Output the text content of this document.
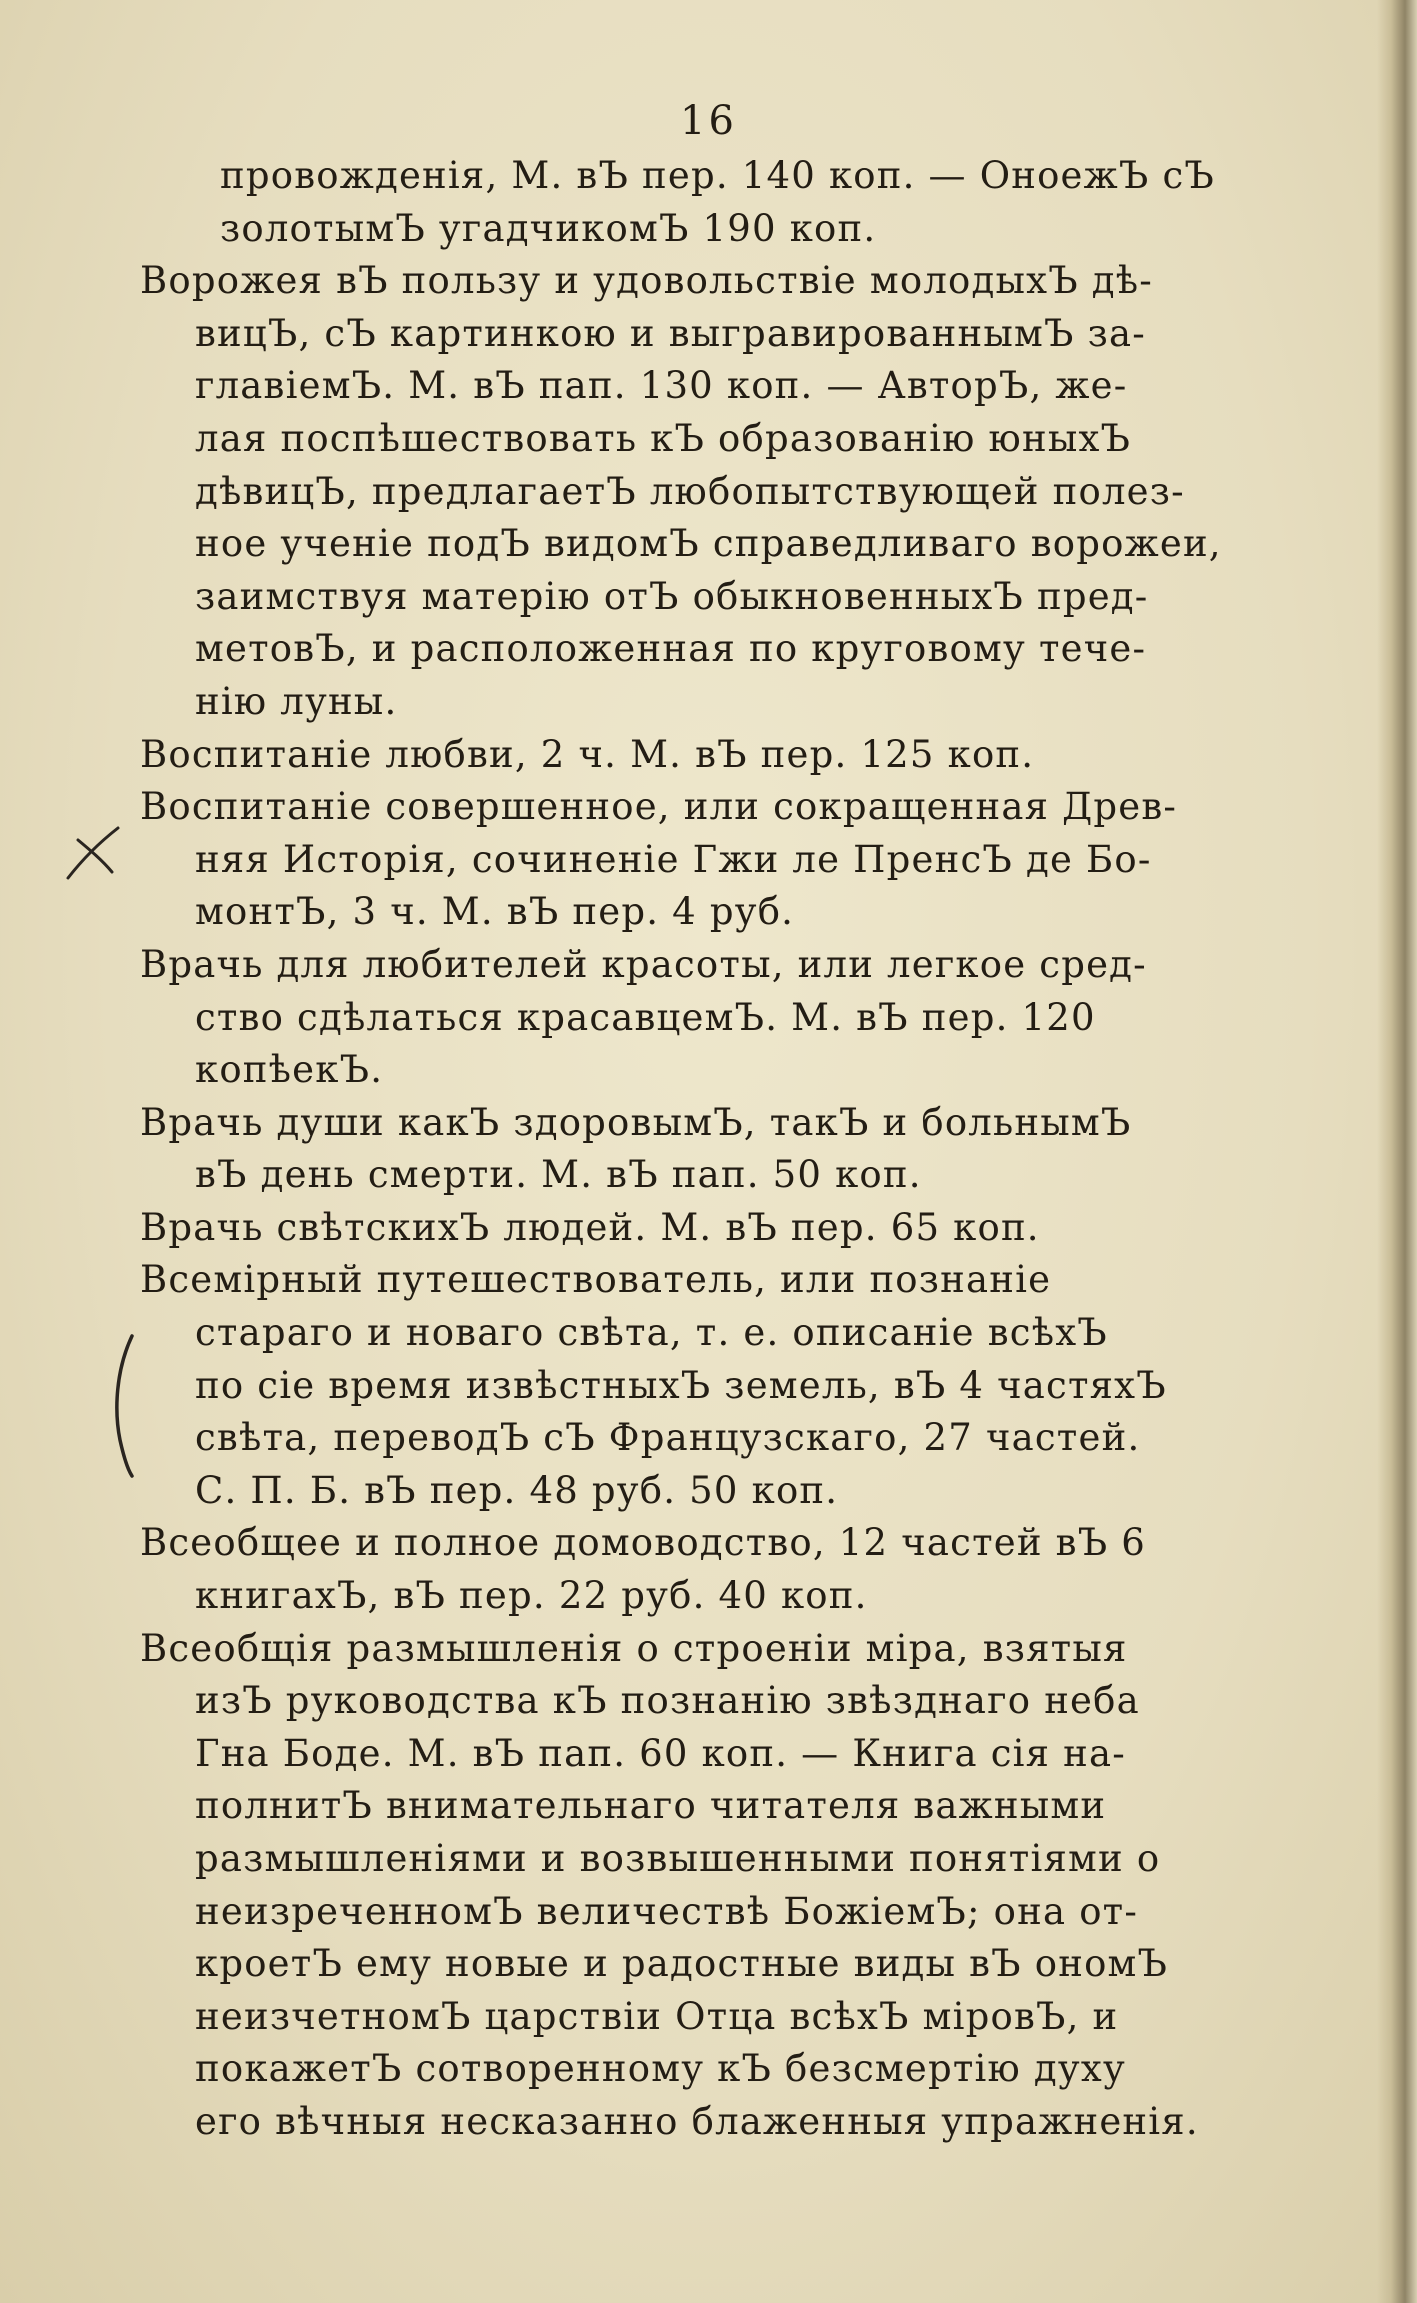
16
провожденія, М. вЪ пер. 140 коп. — ОноежЪ сЪ
золотымЪ угадчикомЪ 190 коп.
Ворожея вЪ пользу и удовольствіе молодыхЪ дѣ-
вицЪ, сЪ картинкою и выгравированнымЪ за-
главіемЪ. М. вЪ пап. 130 коп. — АвторЪ, же-
лая поспѣшествовать кЪ образованію юныхЪ
дѣвицЪ, предлагаетЪ любопытствующей полез-
ное ученіе подЪ видомЪ справедливаго ворожеи,
заимствуя матерію отЪ обыкновенныхЪ пред-
метовЪ, и расположенная по круговому тече-
нію луны.
Воспитаніе любви, 2 ч. М. вЪ пер. 125 коп.
Воспитаніе совершенное, или сокращенная Древ-
няя Исторія, сочиненіе Гжи ле ПренсЪ де Бо-
монтЪ, 3 ч. М. вЪ пер. 4 руб.
Врачь для любителей красоты, или легкое сред-
ство сдѣлаться красавцемЪ. М. вЪ пер. 120
копѣекЪ.
Врачь души какЪ здоровымЪ, такЪ и больнымЪ
вЪ день смерти. М. вЪ пап. 50 коп.
Врачь свѣтскихЪ людей. М. вЪ пер. 65 коп.
Всемірный путешествователь, или познаніе
стараго и новаго свѣта, т. е. описаніе всѣхЪ
по сіе время извѣстныхЪ земель, вЪ 4 частяхЪ
свѣта, переводЪ сЪ Французскаго, 27 частей.
С. П. Б. вЪ пер. 48 руб. 50 коп.
Всеобщее и полное домоводство, 12 частей вЪ 6
книгахЪ, вЪ пер. 22 руб. 40 коп.
Всеобщія размышленія о строеніи міра, взятыя
изЪ руководства кЪ познанію звѣзднаго неба
Гна Боде. М. вЪ пап. 60 коп. — Книга сія на-
полнитЪ внимательнаго читателя важными
размышленіями и возвышенными понятіями о
неизреченномЪ величествѣ БожіемЪ; она от-
кроетЪ ему новые и радостные виды вЪ ономЪ
неизчетномЪ царствіи Отца всѣхЪ міровЪ, и
покажетЪ сотворенному кЪ безсмертію духу
его вѣчныя несказанно блаженныя упражненія.
